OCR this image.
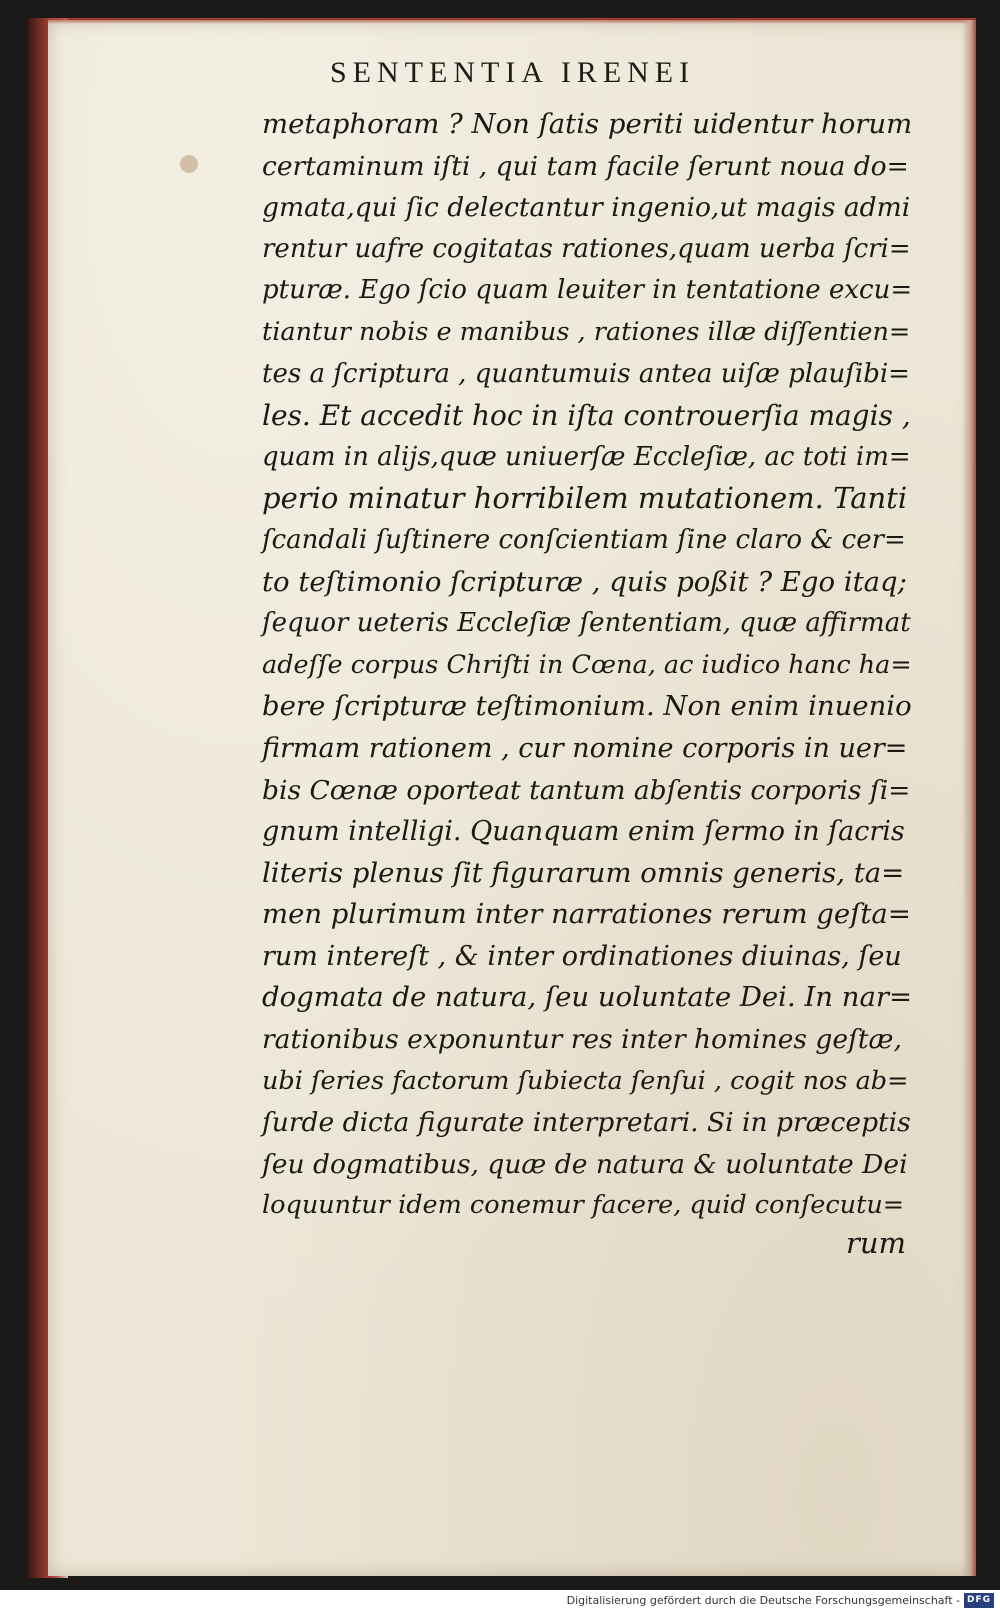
SENTENTIA IRENEI
metaphoram ? Non ſatis periti uidentur horum
certaminum iſti , qui tam facile ſerunt noua do=
gmata,qui ſic delectantur ingenio,ut magis admi
rentur uafre cogitatas rationes,quam uerba ſcri=
pturæ. Ego ſcio quam leuiter in tentatione excu=
tiantur nobis e manibus , rationes illæ diſſentien=
tes a ſcriptura , quantumuis antea uiſæ plauſibi=
les. Et accedit hoc in iſta controuerſia magis ,
quam in alijs,quæ uniuerſæ Eccleſiæ, ac toti im=
perio minatur horribilem mutationem. Tanti
ſcandali ſuſtinere conſcientiam ſine claro & cer=
to teſtimonio ſcripturæ , quis poßit ? Ego itaq;
ſequor ueteris Eccleſiæ ſententiam, quæ affirmat
adeſſe corpus Chriſti in Cœna, ac iudico hanc ha=
bere ſcripturæ teſtimonium. Non enim inuenio
firmam rationem , cur nomine corporis in uer=
bis Cœnæ oporteat tantum abſentis corporis ſi=
gnum intelligi. Quanquam enim ſermo in ſacris
literis plenus ſit figurarum omnis generis, ta=
men plurimum inter narrationes rerum geſta=
rum intereſt , & inter ordinationes diuinas, ſeu
dogmata de natura, ſeu uoluntate Dei. In nar=
rationibus exponuntur res inter homines geſtæ,
ubi ſeries factorum ſubiecta ſenſui , cogit nos ab=
ſurde dicta figurate interpretari. Si in præceptis
ſeu dogmatibus, quæ de natura & uoluntate Dei
loquuntur idem conemur facere, quid conſecutu=
rum
Digitalisierung gefördert durch die Deutsche Forschungsgemeinschaft - DFG
